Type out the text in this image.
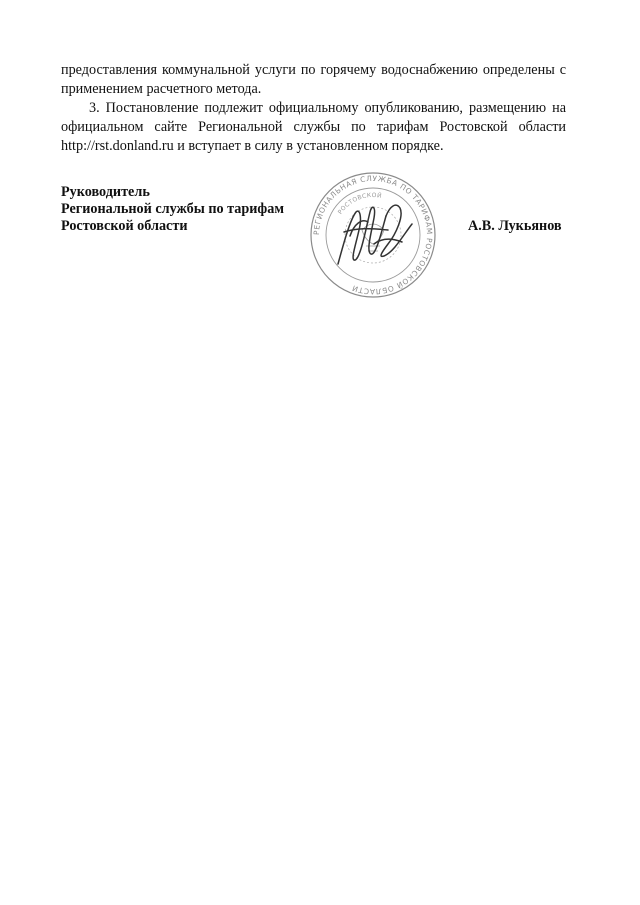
предоставления коммунальной услуги по горячему водоснабжению определены с применением расчетного метода.

3. Постановление подлежит официальному опубликованию, размещению на официальном сайте Региональной службы по тарифам Ростовской области http://rst.donland.ru и вступает в силу в установленном порядке.

Руководитель
Региональной службы по тарифам
Ростовской области	РЕГИОНАЛЬНАЯ СЛУЖБА ПО ТАРИФАМ РОСТОВСКОЙ ОБЛАСТИ
РОСТОВСКОЙ
А.В. Лукьянов
